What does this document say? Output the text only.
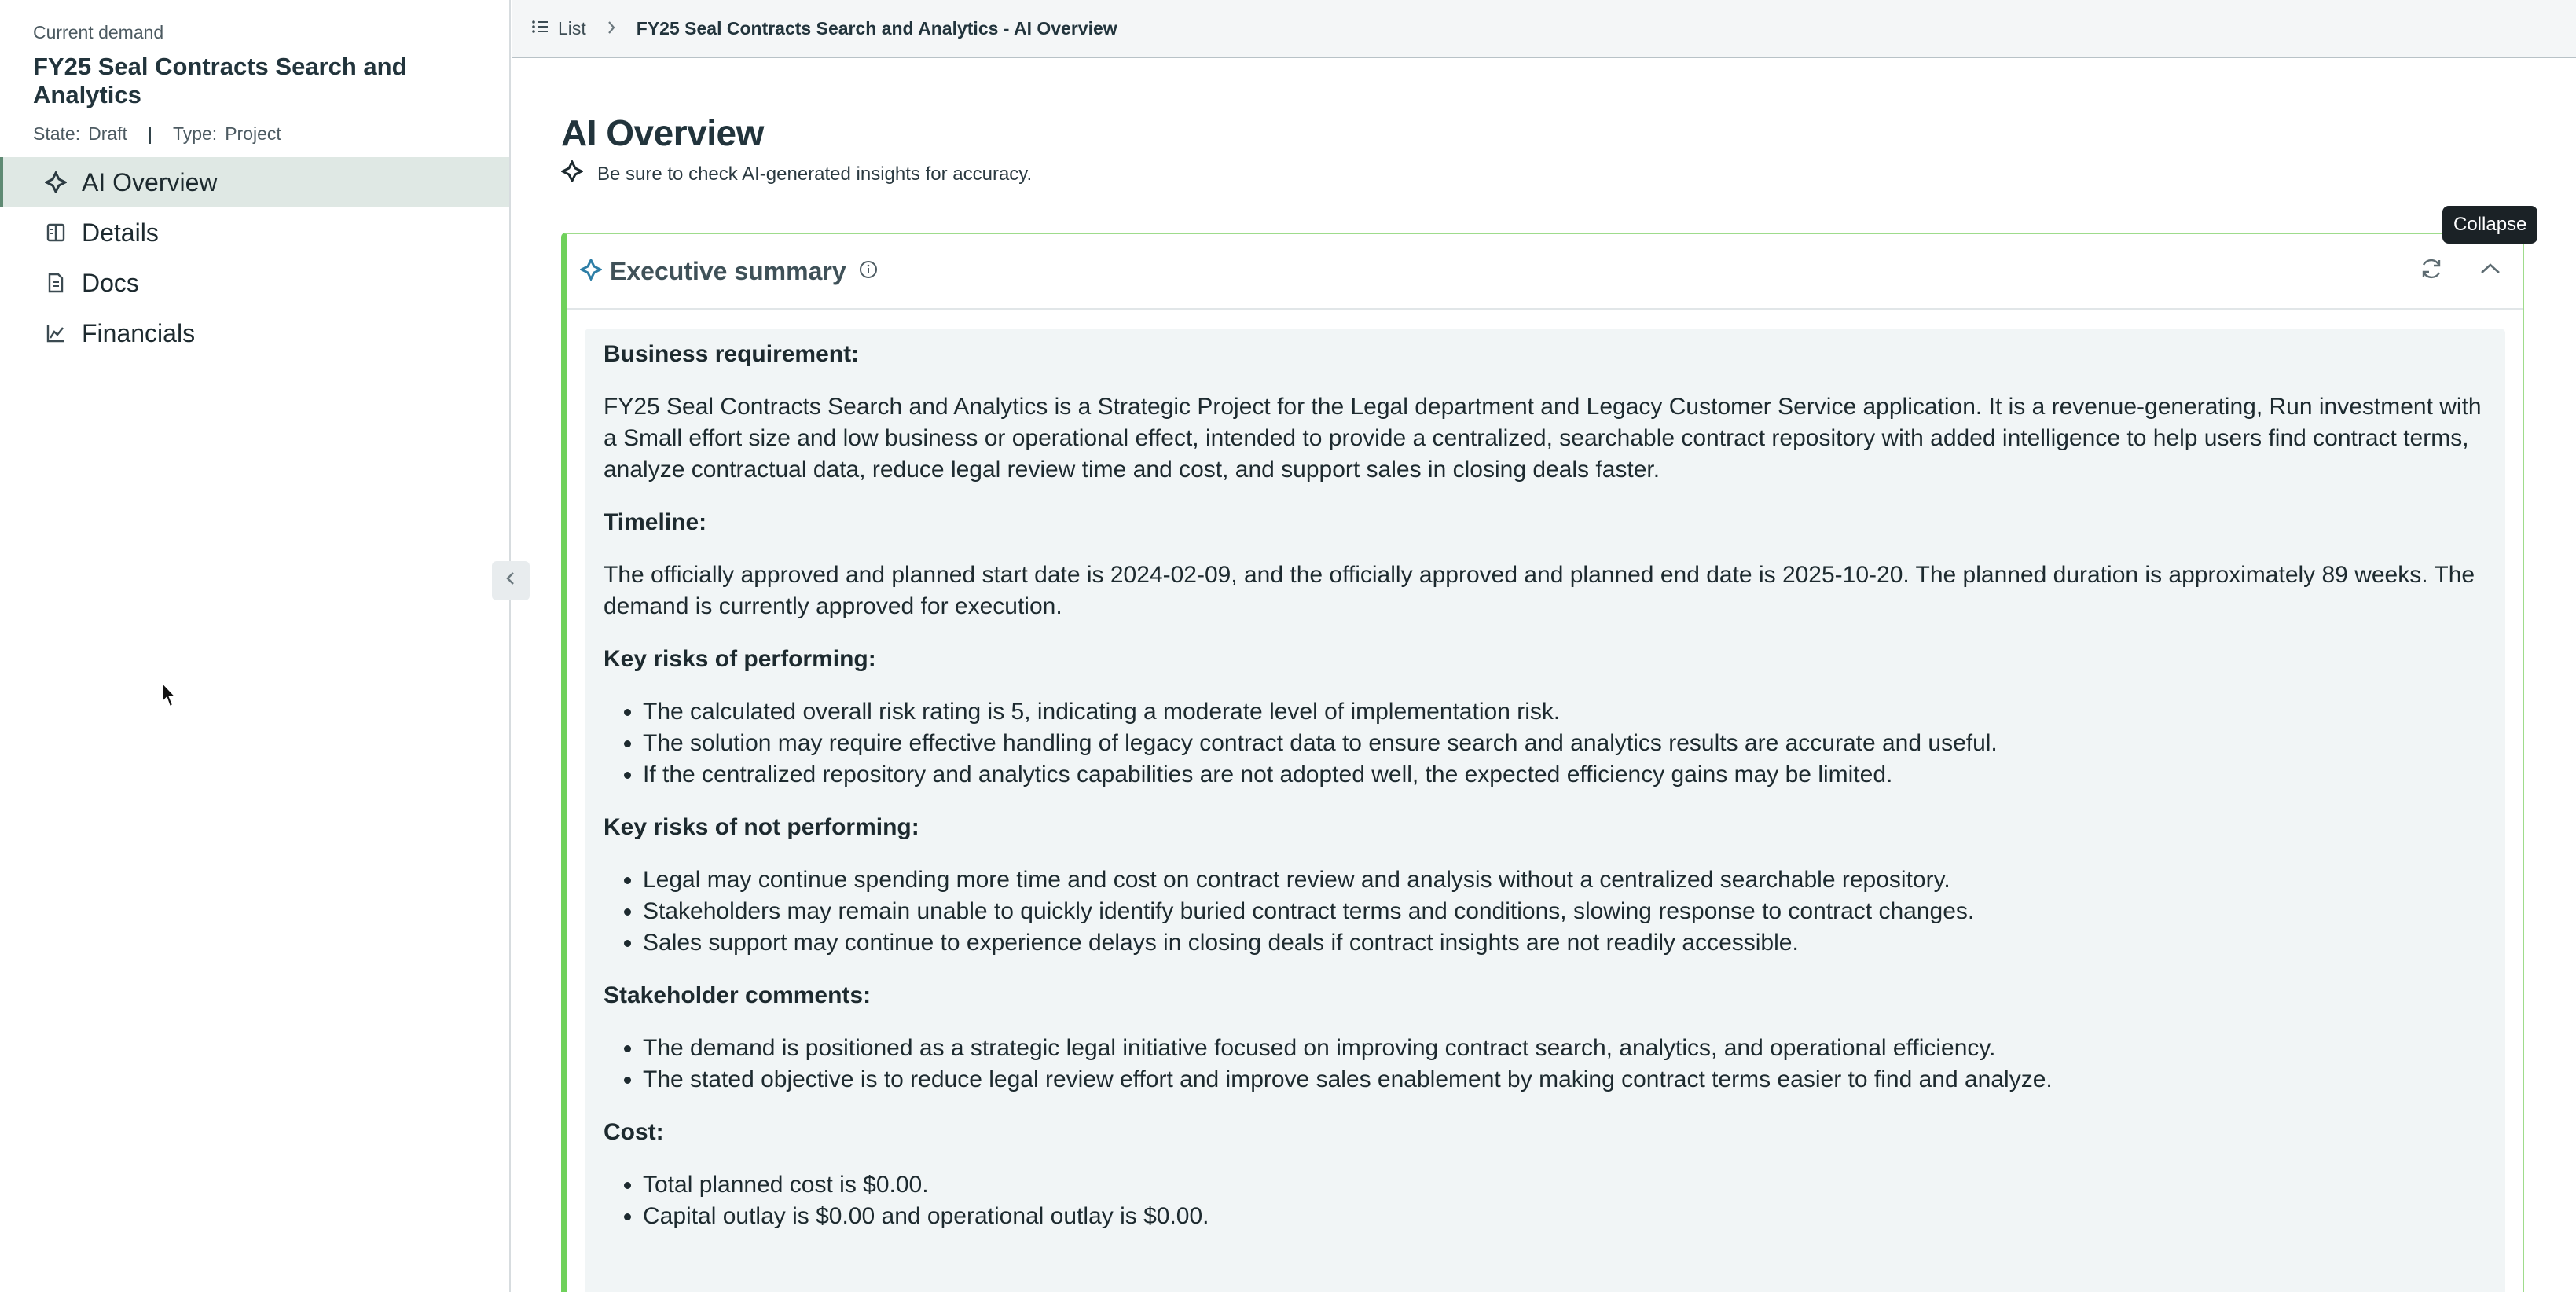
Current demand
FY25 Seal Contracts Search and Analytics
State: Draft | Type: Project
AI Overview
Details
Docs
Financials
List	FY25 Seal Contracts Search and Analytics - AI Overview
AI Overview
Be sure to check AI-generated insights for accuracy.
Executive summary
Business requirement:
FY25 Seal Contracts Search and Analytics is a Strategic Project for the Legal department and Legacy Customer Service application. It is a revenue-generating, Run investment with a Small effort size and low business or operational effect, intended to provide a centralized, searchable contract repository with added intelligence to help users find contract terms, analyze contractual data, reduce legal review time and cost, and support sales in closing deals faster.
Timeline:
The officially approved and planned start date is 2024-02-09, and the officially approved and planned end date is 2025-10-20. The planned duration is approximately 89 weeks. The demand is currently approved for execution.
Key risks of performing:
• The calculated overall risk rating is 5, indicating a moderate level of implementation risk.
• The solution may require effective handling of legacy contract data to ensure search and analytics results are accurate and useful.
• If the centralized repository and analytics capabilities are not adopted well, the expected efficiency gains may be limited.
Key risks of not performing:
• Legal may continue spending more time and cost on contract review and analysis without a centralized searchable repository.
• Stakeholders may remain unable to quickly identify buried contract terms and conditions, slowing response to contract changes.
• Sales support may continue to experience delays in closing deals if contract insights are not readily accessible.
Stakeholder comments:
• The demand is positioned as a strategic legal initiative focused on improving contract search, analytics, and operational efficiency.
• The stated objective is to reduce legal review effort and improve sales enablement by making contract terms easier to find and analyze.
Cost:
• Total planned cost is $0.00.
• Capital outlay is $0.00 and operational outlay is $0.00.
Collapse
